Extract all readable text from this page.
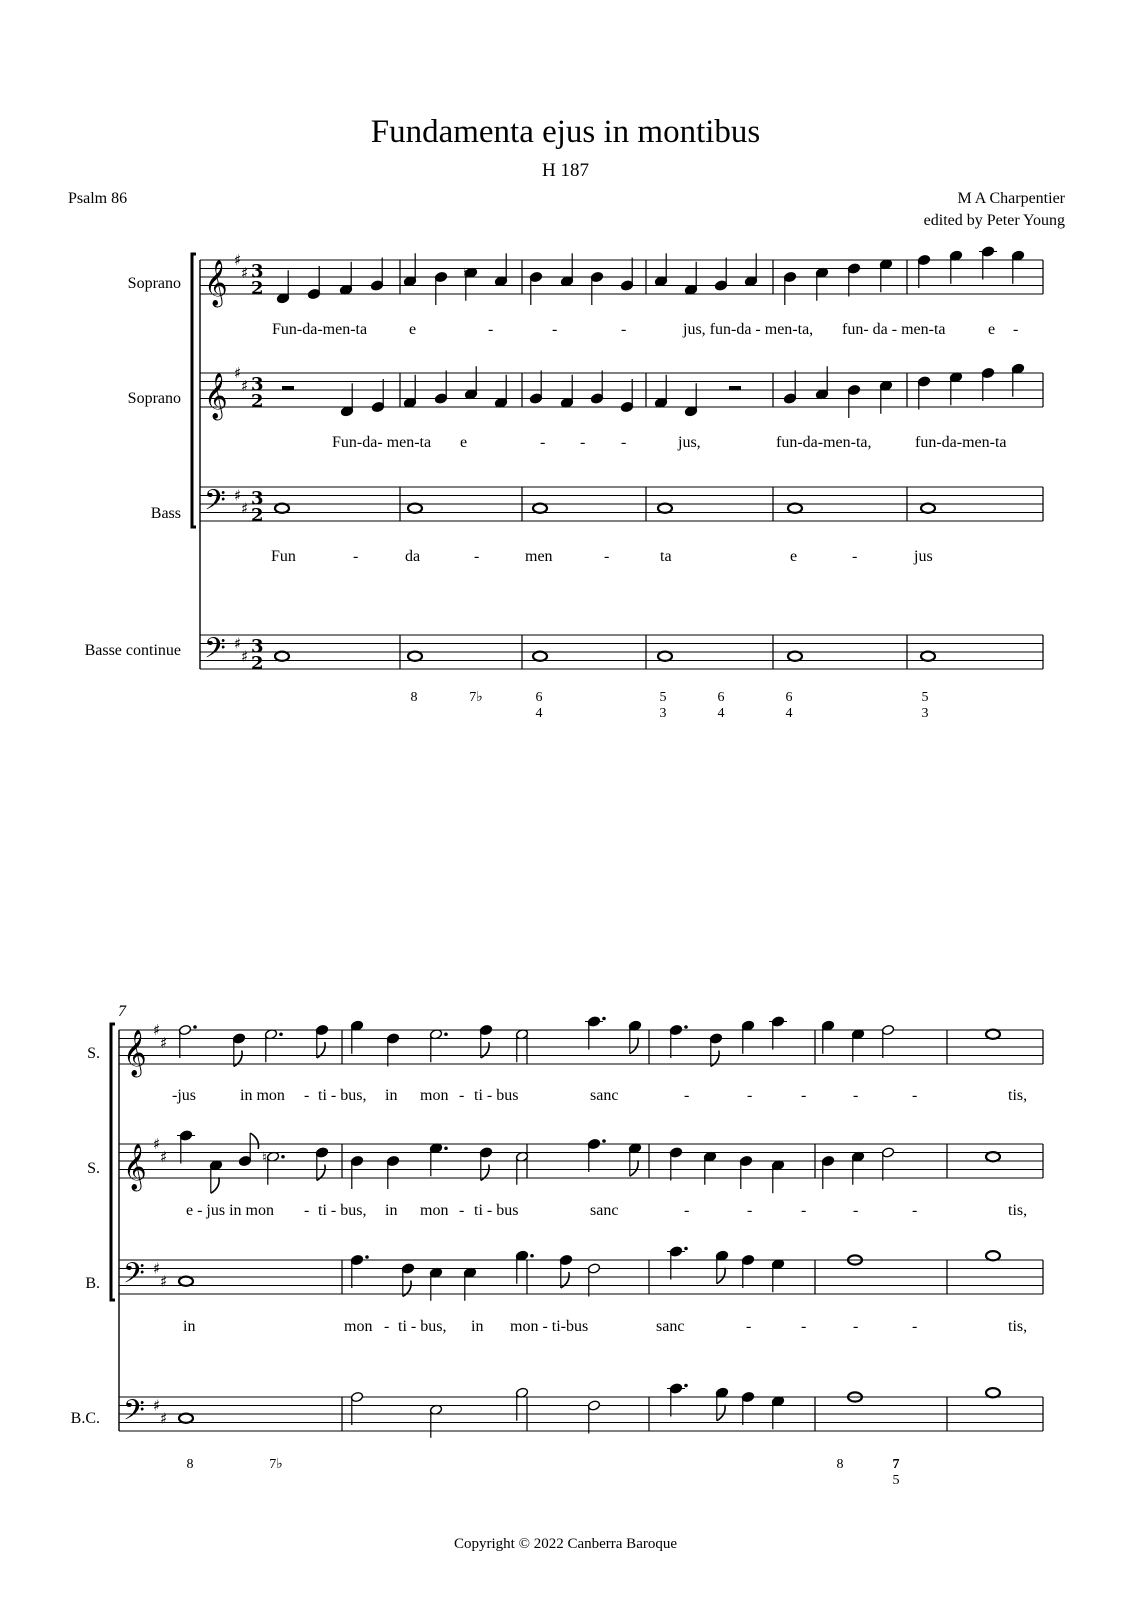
Fundamenta ejus in montibus
H 187
Psalm 86	M A Charpentier
edited by Peter Young
Soprano
Soprano
Bass
Basse continue
7
S.
S.
B.
B.C.
Fun-da-men-ta	e	-	-	-	jus, fun-da - men-ta, fun- da - men-ta	e -
Fun-da- men-ta e	- - -	jus,	fun-da-men-ta,	fun-da-men-ta
Fun	-	da	-	men	-	ta	e	-	jus
8	7♭	6
4
5
3
6
4
6
4
5
3
-jus	in mon - ti - bus, in mon - ti - bus	sanc	-	-	-	-	-	tis,
e - jus in mon - ti - bus, in mon - ti - bus	sanc	-	-	-	-	-	tis,
in	mon - ti - bus, in mon - ti-bus	sanc	-	-	-	-	tis,
8	7♭	8	7
5
Copyright © 2022 Canberra Baroque
𝄞 ♯
♯ 3
2
𝄞 ♯
♯ 3
2
𝄢 ♯
♯ 3
2
𝄢 ♯
♯ 3
2
♮
𝄞 ♯
♯
𝄞 ♯
♯
𝄢 ♯
♯
𝄢 ♯
♯
♮
